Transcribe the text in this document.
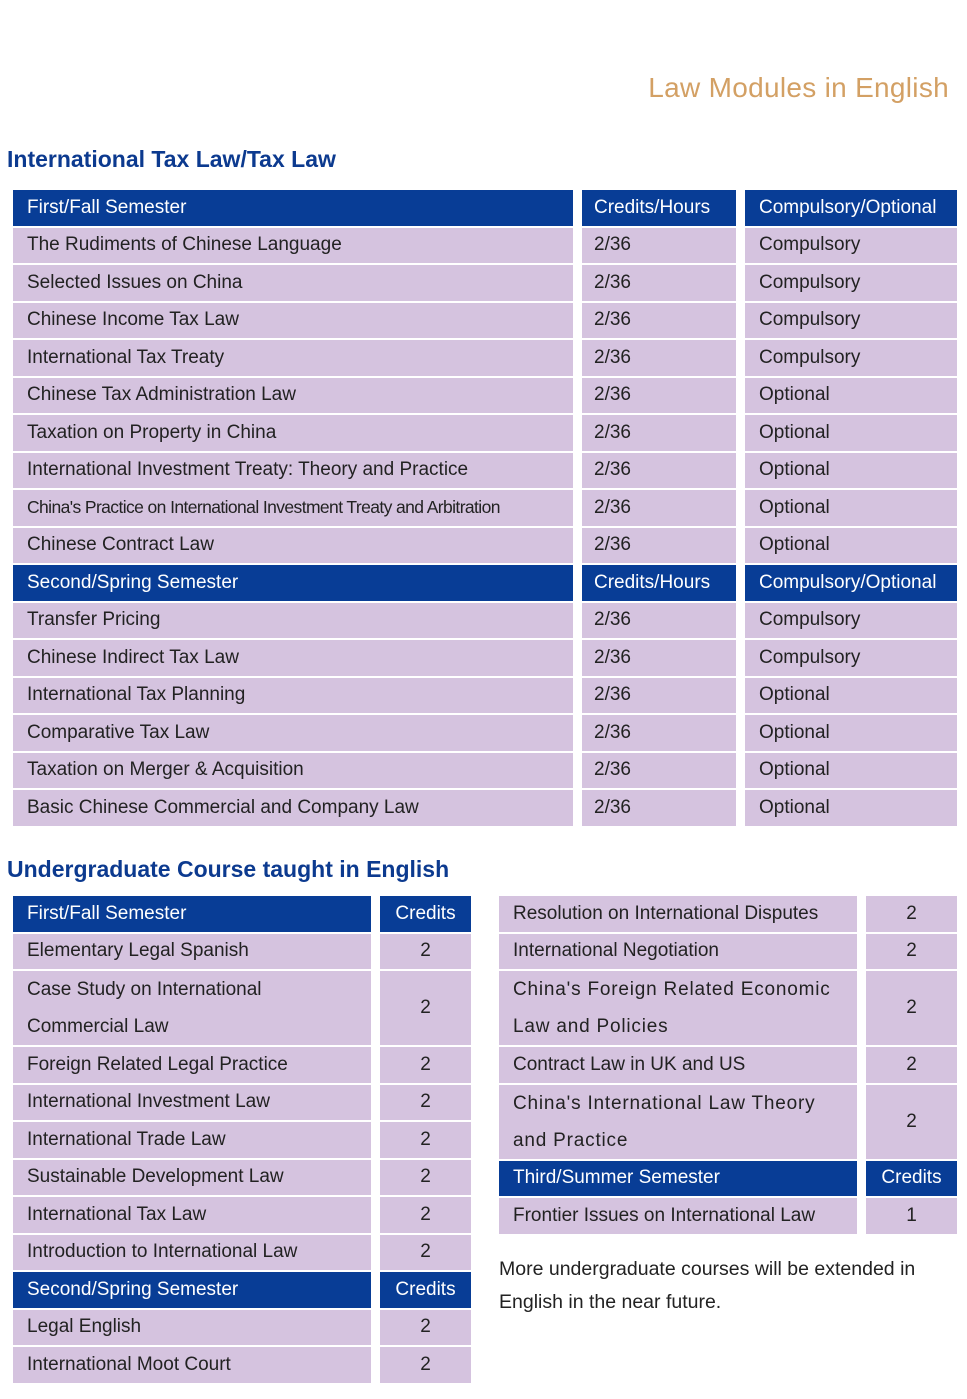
Law Modules in English
International Tax Law/Tax Law
First/Fall Semester	Credits/Hours	Compulsory/Optional
The Rudiments of Chinese Language	2/36	Compulsory
Selected Issues on China	2/36	Compulsory
Chinese Income Tax Law	2/36	Compulsory
International Tax Treaty	2/36	Compulsory
Chinese Tax Administration Law	2/36	Optional
Taxation on Property in China	2/36	Optional
International Investment Treaty: Theory and Practice	2/36	Optional
China's Practice on International Investment Treaty and Arbitration	2/36	Optional
Chinese Contract Law	2/36	Optional
Second/Spring Semester	Credits/Hours	Compulsory/Optional
Transfer Pricing	2/36	Compulsory
Chinese Indirect Tax Law	2/36	Compulsory
International Tax Planning	2/36	Optional
Comparative Tax Law	2/36	Optional
Taxation on Merger & Acquisition	2/36	Optional
Basic Chinese Commercial and Company Law	2/36	Optional
Undergraduate Course taught in English
First/Fall Semester	Credits
Elementary Legal Spanish	2
Case Study on International Commercial Law	2
Foreign Related Legal Practice	2
International Investment Law	2
International Trade Law	2
Sustainable Development Law	2
International Tax Law	2
Introduction to International Law	2
Second/Spring Semester	Credits
Legal English	2
International Moot Court	2
Resolution on International Disputes	2
International Negotiation	2
China's Foreign Related Economic Law and Policies	2
Contract Law in UK and US	2
China's International Law Theory and Practice	2
Third/Summer Semester	Credits
Frontier Issues on International Law	1
More undergraduate courses will be extended in English in the near future.
